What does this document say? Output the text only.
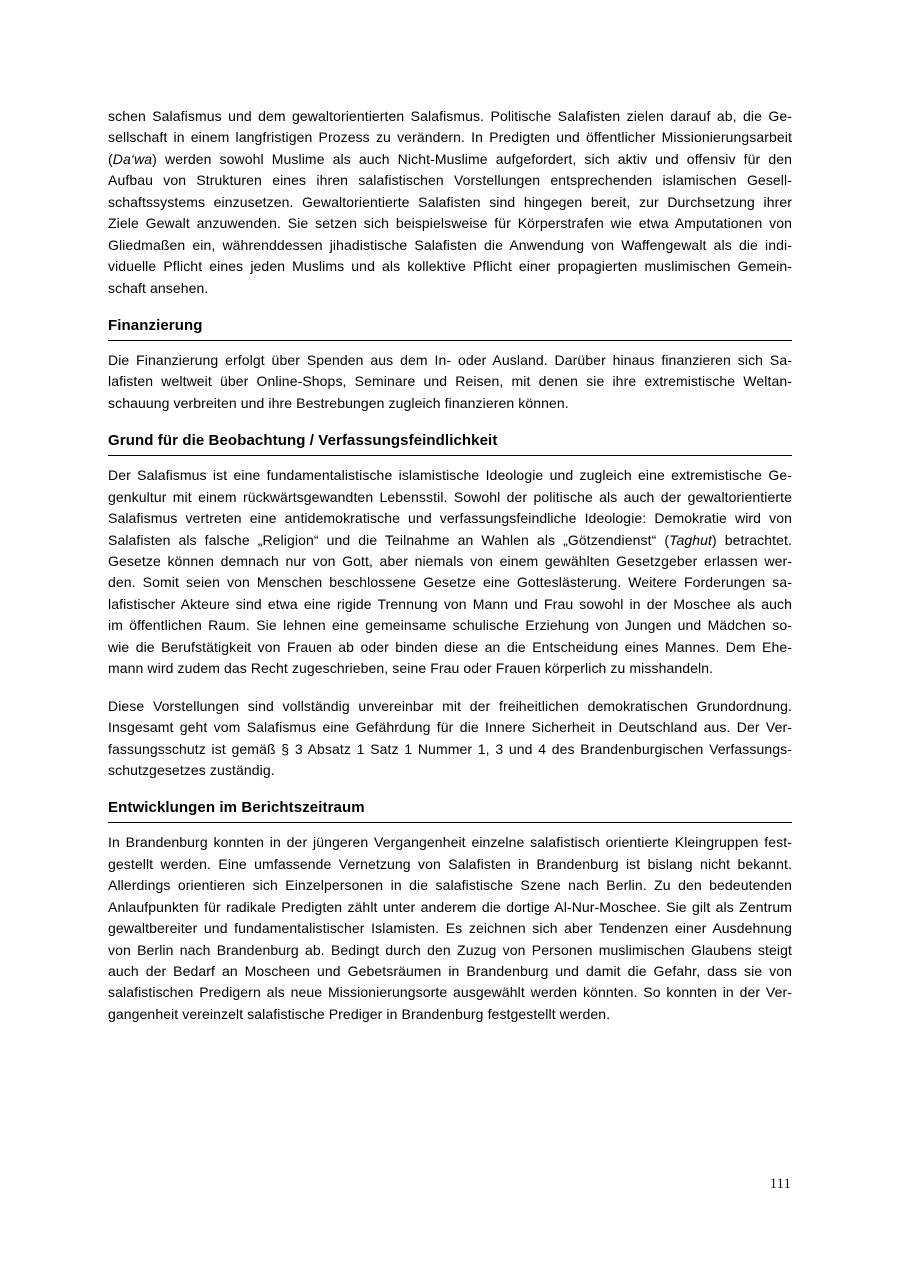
schen Salafismus und dem gewaltorientierten Salafismus. Politische Salafisten zielen darauf ab, die Ge-
sellschaft in einem langfristigen Prozess zu verändern. In Predigten und öffentlicher Missionierungsarbeit
(Da‘wa) werden sowohl Muslime als auch Nicht-Muslime aufgefordert, sich aktiv und offensiv für den
Aufbau von Strukturen eines ihren salafistischen Vorstellungen entsprechenden islamischen Gesell-
schaftssystems einzusetzen. Gewaltorientierte Salafisten sind hingegen bereit, zur Durchsetzung ihrer
Ziele Gewalt anzuwenden. Sie setzen sich beispielsweise für Körperstrafen wie etwa Amputationen von
Gliedmaßen ein, währenddessen jihadistische Salafisten die Anwendung von Waffengewalt als die indi-
viduelle Pflicht eines jeden Muslims und als kollektive Pflicht einer propagierten muslimischen Gemein-
schaft ansehen.
Finanzierung
Die Finanzierung erfolgt über Spenden aus dem In- oder Ausland. Darüber hinaus finanzieren sich Sa-
lafisten weltweit über Online-Shops, Seminare und Reisen, mit denen sie ihre extremistische Weltan-
schauung verbreiten und ihre Bestrebungen zugleich finanzieren können.
Grund für die Beobachtung / Verfassungsfeindlichkeit
Der Salafismus ist eine fundamentalistische islamistische Ideologie und zugleich eine extremistische Ge-
genkultur mit einem rückwärtsgewandten Lebensstil. Sowohl der politische als auch der gewaltorientierte
Salafismus vertreten eine antidemokratische und verfassungsfeindliche Ideologie: Demokratie wird von
Salafisten als falsche „Religion“ und die Teilnahme an Wahlen als „Götzendienst“ (Taghut) betrachtet.
Gesetze können demnach nur von Gott, aber niemals von einem gewählten Gesetzgeber erlassen wer-
den. Somit seien von Menschen beschlossene Gesetze eine Gotteslästerung. Weitere Forderungen sa-
lafistischer Akteure sind etwa eine rigide Trennung von Mann und Frau sowohl in der Moschee als auch
im öffentlichen Raum. Sie lehnen eine gemeinsame schulische Erziehung von Jungen und Mädchen so-
wie die Berufstätigkeit von Frauen ab oder binden diese an die Entscheidung eines Mannes. Dem Ehe-
mann wird zudem das Recht zugeschrieben, seine Frau oder Frauen körperlich zu misshandeln.
Diese Vorstellungen sind vollständig unvereinbar mit der freiheitlichen demokratischen Grundordnung.
Insgesamt geht vom Salafismus eine Gefährdung für die Innere Sicherheit in Deutschland aus. Der Ver-
fassungsschutz ist gemäß § 3 Absatz 1 Satz 1 Nummer 1, 3 und 4 des Brandenburgischen Verfassungs-
schutzgesetzes zuständig.
Entwicklungen im Berichtszeitraum
In Brandenburg konnten in der jüngeren Vergangenheit einzelne salafistisch orientierte Kleingruppen fest-
gestellt werden. Eine umfassende Vernetzung von Salafisten in Brandenburg ist bislang nicht bekannt.
Allerdings orientieren sich Einzelpersonen in die salafistische Szene nach Berlin. Zu den bedeutenden
Anlaufpunkten für radikale Predigten zählt unter anderem die dortige Al-Nur-Moschee. Sie gilt als Zentrum
gewaltbereiter und fundamentalistischer Islamisten. Es zeichnen sich aber Tendenzen einer Ausdehnung
von Berlin nach Brandenburg ab. Bedingt durch den Zuzug von Personen muslimischen Glaubens steigt
auch der Bedarf an Moscheen und Gebetsräumen in Brandenburg und damit die Gefahr, dass sie von
salafistischen Predigern als neue Missionierungsorte ausgewählt werden könnten. So konnten in der Ver-
gangenheit vereinzelt salafistische Prediger in Brandenburg festgestellt werden.
111
